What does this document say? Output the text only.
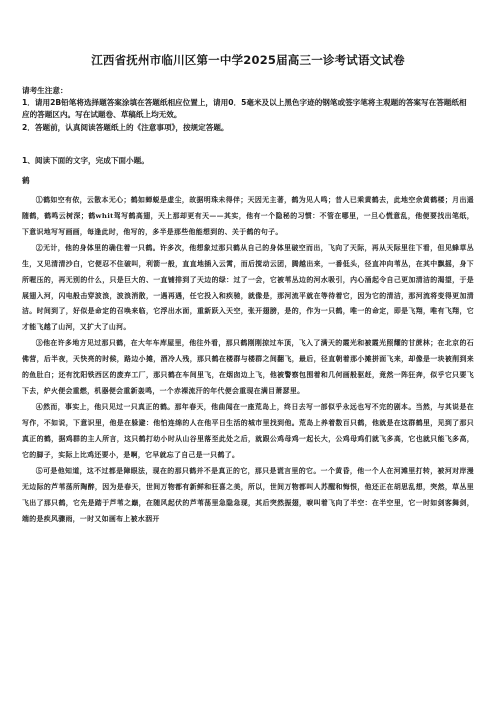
江西省抚州市临川区第一中学2025届高三一诊考试语文试卷
请考生注意：
1．请用2B铅笔将选择题答案涂填在答题纸相应位置上，请用0．5毫米及以上黑色字迹的钢笔或签字笔将主观题的答案写在答题纸相应的答题区内。写在试题卷、草稿纸上均无效。
2．答题前，认真阅读答题纸上的《注意事项》，按规定答题。
1、阅读下面的文字，完成下面小题。
鹤

①鹤如空有依，云散本无心；鹤如蝉蜕是虚尘，故据明珠未得伴；天因无主著，鹤为见人鸣；昔人已乘黄鹤去，此地空余黄鹤楼；月出遥随鹤，鹤鸣云树深；鹤whit驾写鹤高翅，天上那却更有天——其实，他有一个隐秘的习惯：不管在哪里，一旦心慌意乱，他便要找出笔纸，下意识地写写画画，每逢此时，他写的，多半是那些他能想到的、关于鹤的句子。

②无计，他的身体里的确住着一只鹤。许多次，他想象过那只鹤从自己的身体里破空而出，飞向了天际，再从天际里往下看，但见蜂草丛生，又见清清沙白，它便忍不住破叫，利箭一般，直直地插入云霄，而后搅动云团，腾越出来，一番低头，径直冲向苇丛，在其中飘摇，身下所喔压的，再无别的什么，只是巨大的、一直铺排到了天边的绿：过了一会，它被苇丛边的河水吸引，内心涌起令自己更加清洁的渴望，于是展翅入河，闪电般击穿波浪，波浪消散，一遇再遇，任它投入和疾驰，就像是，那河流平就在等待着它，因为它的清洁，那河流将变得更加清洁。时间到了，好似是命定的召唤来临，它浮出水面，重新跃入天空，张开翅膀，是的，作为一只鹤，唯一的命定，即是飞翔，唯有飞翔，它才能飞越了山河，又扩大了山河。

③他在许多地方见过那只鹤，在大年车库屋里，他往外看，那只鹤刚刚掠过车顶，飞入了满天的霞光和被霞光照耀的甘蔗林；在北京的石佛营，后半夜，天快亮的时候，路边小摊，酒冷人残，那只鹤在楼群与楼群之间翻飞，最后，径直朝着那小摊拼面飞来，却像是一块被削到来的鱼肚白；还有沈阳铁西区的废弃工厂，那只鹤在车间里飞，在烟囱边上飞，他被警察包围着和几何画般驱赶，竟然一阵狂奔，似乎它只要飞下去，炉火便会重燃，机器便会重新轰鸣，一个赤裸流汗的年代便会重现在满目萧瑟里。

④然而，事实上，他只见过一只真正的鹤。那年春天，他曲闻在一座荒岛上，终日去写一部似乎永远也写不完的剧本。当然，与其说是在写作，不如说，下意识里，他是在躲避：他怕连绵的人在他平日生活的城市里找到他。荒岛上养着数百只鹤，他就是在这群鹤里，见到了那只真正的鹤，据鸡群的主人所言，这只鹤打幼小时从山谷里落至此处之后，就跟公鸡母鸡一起长大，公鸡母鸡们就飞多高，它也就只能飞多高，它的脚子，实际上比鸡还要小，是啊，它早就忘了自己是一只鹤了。

⑤可是他知道，这不过都是障眼法，现在的那只鹤并不是真正的它，那只是谎言里的它。一个黄昏，他一个人在河滩里打转，被河对岸漫无边际的芦苇荡所陶醉，因为是春天，世间万物都有新鲜和狂喜之美，所以，世间万物都叫人苏醒和悔恨，他还正在胡思乱想，突然，草丛里飞出了那只鹤，它先是踏于芦苇之巅，在随风起伏的芦苇荡里急隐急现，其后突然振翅，唳叫着飞向了半空：在半空里，它一时如剑客舞剑，端的是疾风骤雨，一时又如画布上被水洇开
